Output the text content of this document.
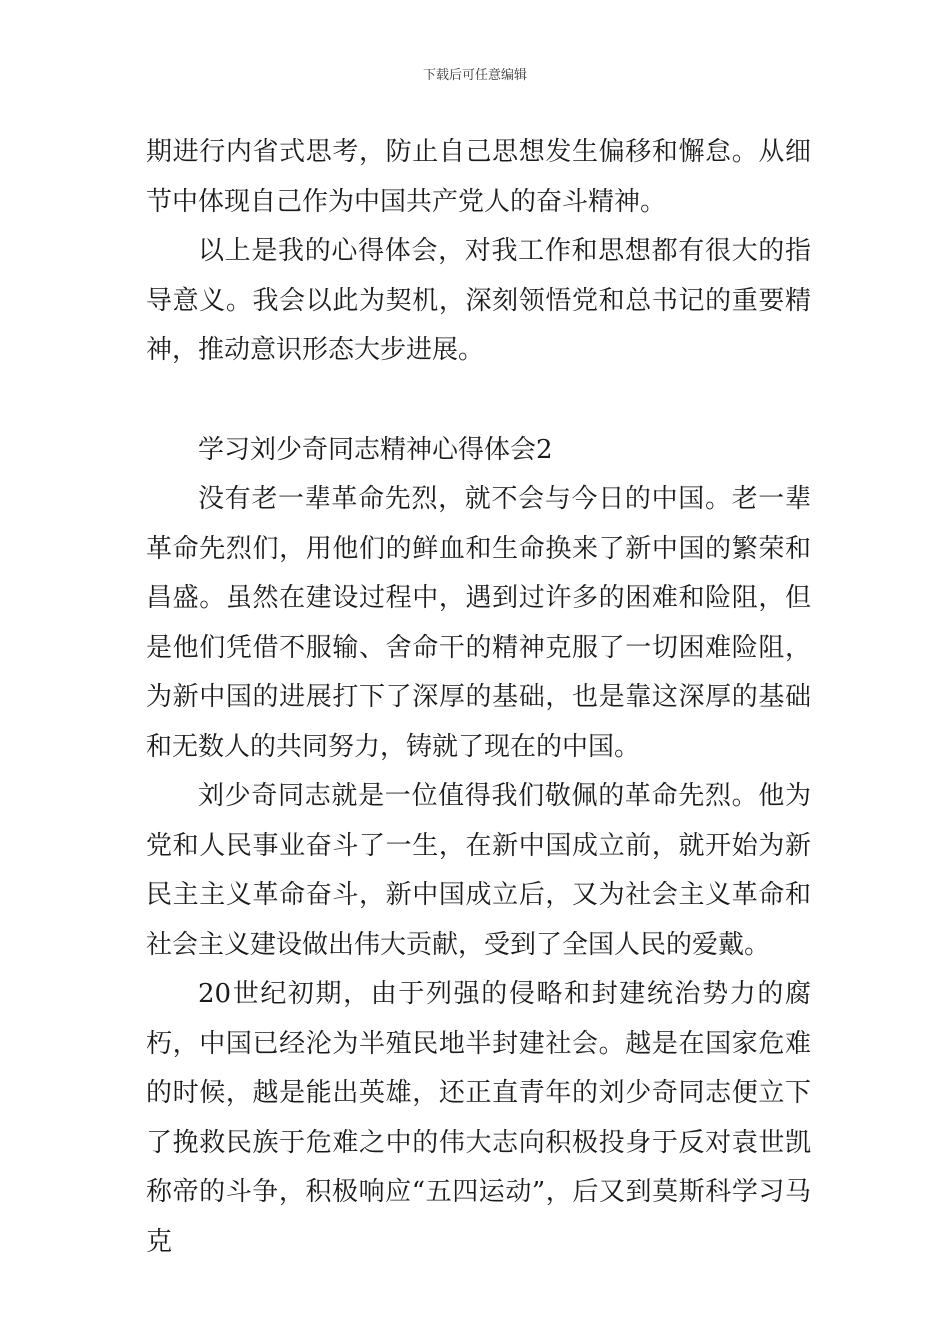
下载后可任意编辑

期进行内省式思考，防止自己思想发生偏移和懈怠。从细节中体现自己作为中国共产党人的奋斗精神。

以上是我的心得体会，对我工作和思想都有很大的指导意义。我会以此为契机，深刻领悟党和总书记的重要精神，推动意识形态大步进展。

学习刘少奇同志精神心得体会2

没有老一辈革命先烈，就不会与今日的中国。老一辈革命先烈们，用他们的鲜血和生命换来了新中国的繁荣和昌盛。虽然在建设过程中，遇到过许多的困难和险阻，但是他们凭借不服输、舍命干的精神克服了一切困难险阻，为新中国的进展打下了深厚的基础，也是靠这深厚的基础和无数人的共同努力，铸就了现在的中国。

刘少奇同志就是一位值得我们敬佩的革命先烈。他为党和人民事业奋斗了一生，在新中国成立前，就开始为新民主主义革命奋斗，新中国成立后，又为社会主义革命和社会主义建设做出伟大贡献，受到了全国人民的爱戴。

20世纪初期，由于列强的侵略和封建统治势力的腐朽，中国已经沦为半殖民地半封建社会。越是在国家危难的时候，越是能出英雄，还正直青年的刘少奇同志便立下了挽救民族于危难之中的伟大志向积极投身于反对袁世凯称帝的斗争，积极响应“五四运动”，后又到莫斯科学习马克
